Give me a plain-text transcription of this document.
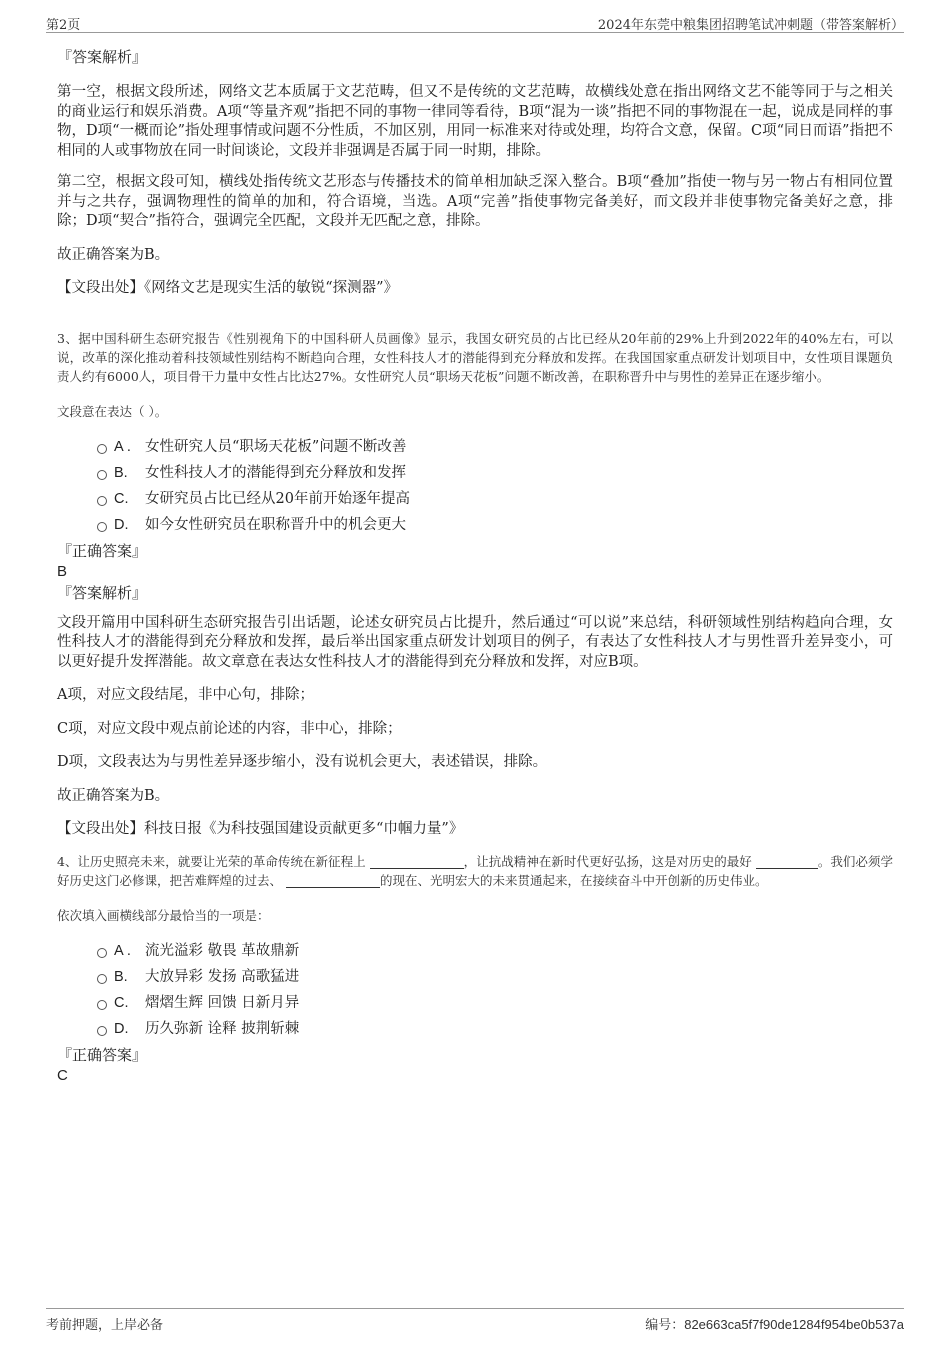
第2页	2024年东莞中粮集团招聘笔试冲刺题（带答案解析）

『答案解析』

第一空，根据文段所述，网络文艺本质属于文艺范畴，但又不是传统的文艺范畴，故横线处意在指出网络文艺不能等同于与之相关的商业运行和娱乐消费。A项“等量齐观”指把不同的事物一律同等看待，B项“混为一谈”指把不同的事物混在一起，说成是同样的事物，D项“一概而论”指处理事情或问题不分性质，不加区别，用同一标准来对待或处理，均符合文意，保留。C项“同日而语”指把不相同的人或事物放在同一时间谈论，文段并非强调是否属于同一时期，排除。

第二空，根据文段可知，横线处指传统文艺形态与传播技术的简单相加缺乏深入整合。B项“叠加”指使一物与另一物占有相同位置并与之共存，强调物理性的简单的加和，符合语境，当选。A项“完善”指使事物完备美好，而文段并非使事物完备美好之意，排除；D项“契合”指符合，强调完全匹配，文段并无匹配之意，排除。

故正确答案为B。

【文段出处】《网络文艺是现实生活的敏锐“探测器”》

3、据中国科研生态研究报告《性别视角下的中国科研人员画像》显示，我国女研究员的占比已经从20年前的29%上升到2022年的40%左右，可以说，改革的深化推动着科技领域性别结构不断趋向合理，女性科技人才的潜能得到充分释放和发挥。在我国国家重点研发计划项目中，女性项目课题负责人约有6000人，项目骨干力量中女性占比达27%。女性研究人员“职场天花板”问题不断改善，在职称晋升中与男性的差异正在逐步缩小。

文段意在表达（ ）。

A . 女性研究人员“职场天花板”问题不断改善
B. 女性科技人才的潜能得到充分释放和发挥
C. 女研究员占比已经从20年前开始逐年提高
D. 如今女性研究员在职称晋升中的机会更大

『正确答案』

B

『答案解析』

文段开篇用中国科研生态研究报告引出话题，论述女研究员占比提升，然后通过“可以说”来总结，科研领域性别结构趋向合理，女性科技人才的潜能得到充分释放和发挥，最后举出国家重点研发计划项目的例子，有表达了女性科技人才与男性晋升差异变小，可以更好提升发挥潜能。故文章意在表达女性科技人才的潜能得到充分释放和发挥，对应B项。

A项，对应文段结尾，非中心句，排除；

C项，对应文段中观点前论述的内容，非中心，排除；

D项，文段表达为与男性差异逐步缩小，没有说机会更大，表述错误，排除。

故正确答案为B。

【文段出处】科技日报《为科技强国建设贡献更多“巾帼力量”》

4、让历史照亮未来，就要让光荣的革命传统在新征程上	，让抗战精神在新时代更好弘扬，这是对历史的最好	。我们必须学好历史这门必修课，把苦难辉煌的过去、	的现在、光明宏大的未来贯通起来，在接续奋斗中开创新的历史伟业。

依次填入画横线部分最恰当的一项是：

A . 流光溢彩 敬畏 革故鼎新
B. 大放异彩 发扬 高歌猛进
C. 熠熠生辉 回馈 日新月异
D. 历久弥新 诠释 披荆斩棘

『正确答案』

C

考前押题，上岸必备	编号：82e663ca5f7f90de1284f954be0b537a
